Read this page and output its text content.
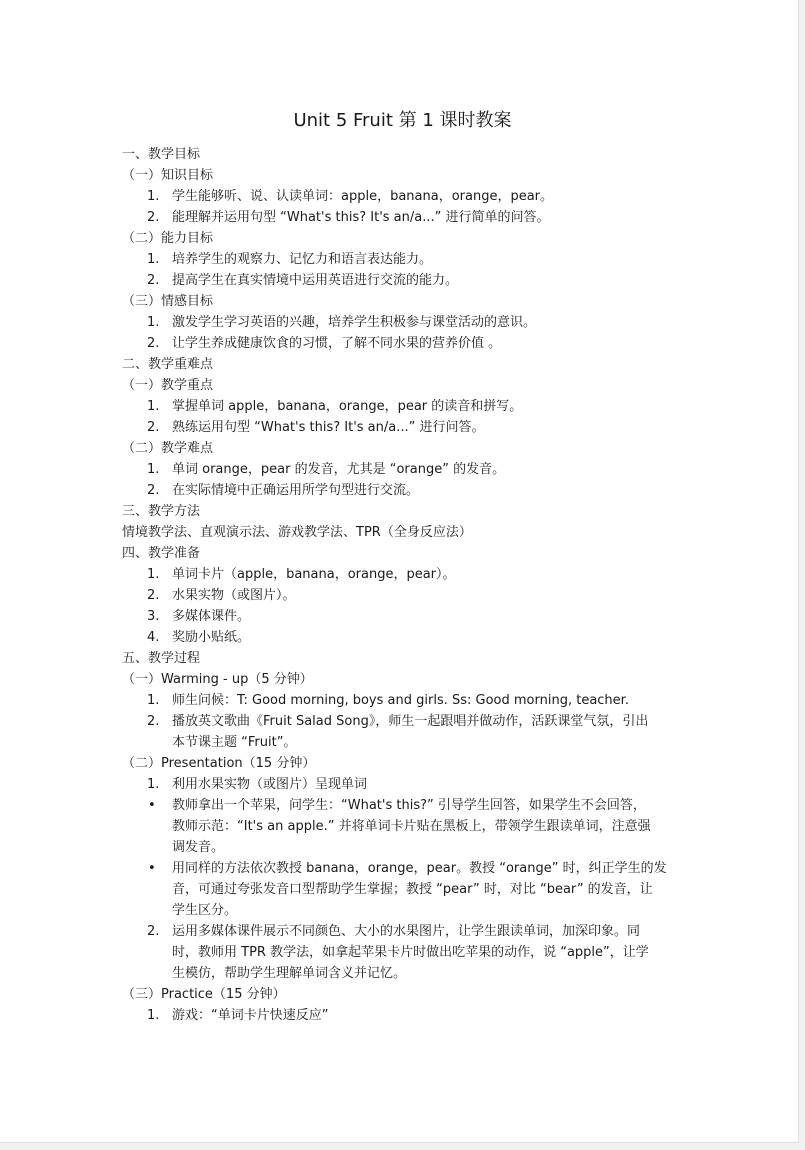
Unit 5 Fruit 第 1 课时教案
一、教学目标
（一）知识目标
1. 学生能够听、说、认读单词：apple，banana，orange，pear。
2. 能理解并运用句型 “What's this? It's an/a...” 进行简单的问答。
（二）能力目标
1. 培养学生的观察力、记忆力和语言表达能力。
2. 提高学生在真实情境中运用英语进行交流的能力。
（三）情感目标
1. 激发学生学习英语的兴趣，培养学生积极参与课堂活动的意识。
2. 让学生养成健康饮食的习惯，了解不同水果的营养价值 。
二、教学重难点
（一）教学重点
1. 掌握单词 apple，banana，orange，pear 的读音和拼写。
2. 熟练运用句型 “What's this? It's an/a...” 进行问答。
（二）教学难点
1. 单词 orange，pear 的发音，尤其是 “orange” 的发音。
2. 在实际情境中正确运用所学句型进行交流。
三、教学方法
情境教学法、直观演示法、游戏教学法、TPR（全身反应法）
四、教学准备
1. 单词卡片（apple，banana，orange，pear）。
2. 水果实物（或图片）。
3. 多媒体课件。
4. 奖励小贴纸。
五、教学过程
（一）Warming - up（5 分钟）
1. 师生问候：T: Good morning, boys and girls. Ss: Good morning, teacher.
2. 播放英文歌曲《Fruit Salad Song》，师生一起跟唱并做动作，活跃课堂气氛，引出
本节课主题 “Fruit”。
（二）Presentation（15 分钟）
1. 利用水果实物（或图片）呈现单词
• 教师拿出一个苹果，问学生：“What's this?” 引导学生回答，如果学生不会回答，
教师示范：“It's an apple.” 并将单词卡片贴在黑板上，带领学生跟读单词，注意强
调发音。
• 用同样的方法依次教授 banana，orange，pear。教授 “orange” 时，纠正学生的发
音，可通过夸张发音口型帮助学生掌握；教授 “pear” 时，对比 “bear” 的发音，让
学生区分。
2. 运用多媒体课件展示不同颜色、大小的水果图片，让学生跟读单词，加深印象。同
时，教师用 TPR 教学法，如拿起苹果卡片时做出吃苹果的动作，说 “apple”，让学
生模仿，帮助学生理解单词含义并记忆。
（三）Practice（15 分钟）
1. 游戏：“单词卡片快速反应”
